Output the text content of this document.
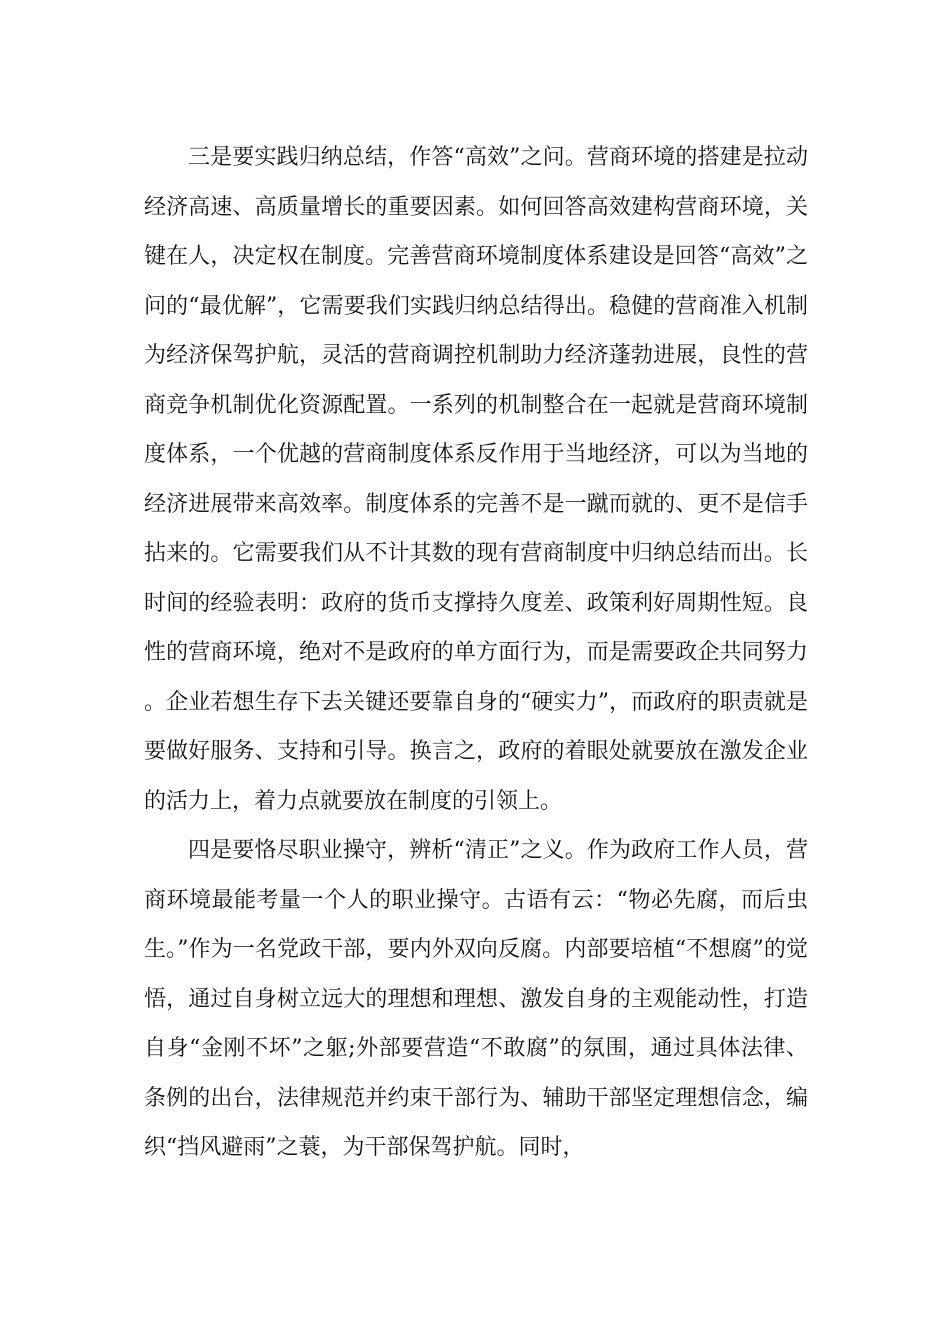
三是要实践归纳总结，作答“高效”之问。营商环境的搭建是拉动经济高速、高质量增长的重要因素。如何回答高效建构营商环境，关键在人，决定权在制度。完善营商环境制度体系建设是回答“高效”之问的“最优解”，它需要我们实践归纳总结得出。稳健的营商准入机制为经济保驾护航，灵活的营商调控机制助力经济蓬勃进展，良性的营商竞争机制优化资源配置。一系列的机制整合在一起就是营商环境制度体系，一个优越的营商制度体系反作用于当地经济，可以为当地的经济进展带来高效率。制度体系的完善不是一蹴而就的、更不是信手拈来的。它需要我们从不计其数的现有营商制度中归纳总结而出。长时间的经验表明：政府的货币支撑持久度差、政策利好周期性短。良性的营商环境，绝对不是政府的单方面行为，而是需要政企共同努力。企业若想生存下去关键还要靠自身的“硬实力”，而政府的职责就是要做好服务、支持和引导。换言之，政府的着眼处就要放在激发企业的活力上，着力点就要放在制度的引领上。

四是要恪尽职业操守，辨析“清正”之义。作为政府工作人员，营商环境最能考量一个人的职业操守。古语有云：“物必先腐，而后虫生。”作为一名党政干部，要内外双向反腐。内部要培植“不想腐”的觉悟，通过自身树立远大的理想和理想、激发自身的主观能动性，打造自身“金刚不坏”之躯;外部要营造“不敢腐”的氛围，通过具体法律、条例的出台，法律规范并约束干部行为、辅助干部坚定理想信念，编织“挡风避雨”之蓑，为干部保驾护航。同时，
